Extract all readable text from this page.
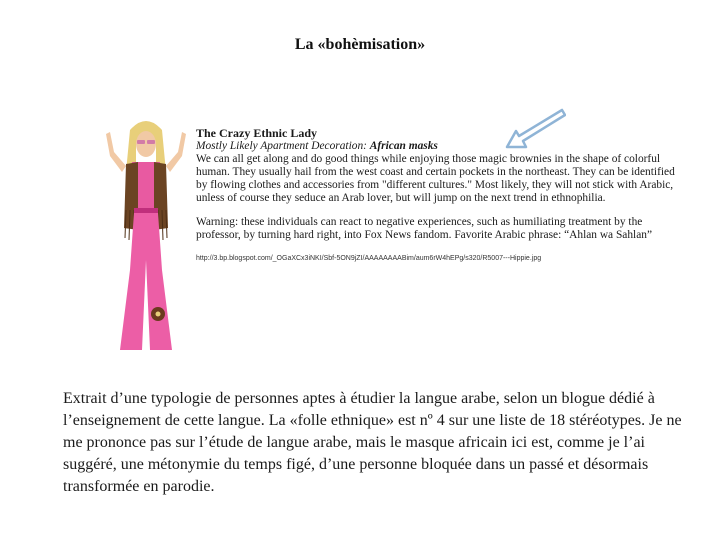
La «bohèmisation»
The Crazy Ethnic Lady
Mostly Likely Apartment Decoration: African masks

We can all get along and do good things while enjoying those magic brownies in the shape of colorful human. They usually hail from the west coast and certain pockets in the northeast. They can be identified by flowing clothes and accessories from "different cultures." Most likely, they will not stick with Arabic, unless of course they seduce an Arab lover, but will jump on the next trend in ethnophilia.

Warning: these individuals can react to negative experiences, such as humiliating treatment by the professor, by turning hard right, into Fox News fandom. Favorite Arabic phrase: “Ahlan wa Sahlan”

http://3.bp.blogspot.com/_OGaXCx3iNKI/Sbf-5ON9jZI/AAAAAAAABim/aum6rW4hEPg/s320/R5007---Hippie.jpg
Extrait d’une typologie de personnes aptes à étudier la langue arabe, selon un blogue dédié à l’enseignement de cette langue. La «folle ethnique» est nº 4 sur une liste de 18 stéréotypes. Je ne me prononce pas sur l’étude de langue arabe, mais le masque africain ici est, comme je l’ai suggéré, une métonymie du temps figé, d’une personne bloquée dans un passé et désormais transformée en parodie.
